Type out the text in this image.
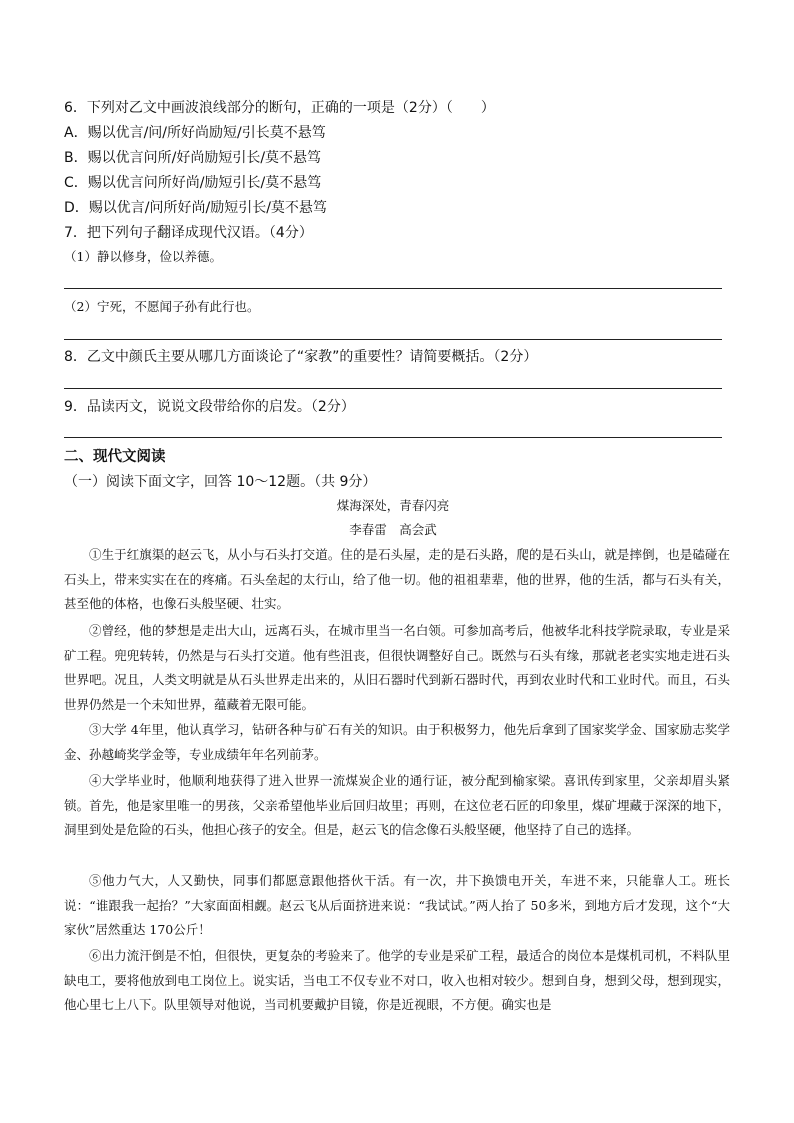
6．下列对乙文中画波浪线部分的断句，正确的一项是（2分）（　　）
A．赐以优言/问/所好尚励短/引长莫不悬笃
B．赐以优言问所/好尚励短引长/莫不悬笃
C．赐以优言问所好尚/励短引长/莫不悬笃
D．赐以优言/问所好尚/励短引长/莫不悬笃
7．把下列句子翻译成现代汉语。（4分）
（1）静以修身，俭以养德。
（2）宁死，不愿闻子孙有此行也。
8．乙文中颜氏主要从哪几方面谈论了“家教”的重要性？请简要概括。（2分）
9．品读丙文，说说文段带给你的启发。（2分）
二、现代文阅读
（一）阅读下面文字，回答 10～12题。（共 9分）
煤海深处，青春闪亮
李春雷　高会武

①生于红旗渠的赵云飞，从小与石头打交道。住的是石头屋，走的是石头路，爬的是石头山，就是摔倒，也是磕碰在石头上，带来实实在在的疼痛。石头垒起的太行山，给了他一切。他的祖祖辈辈，他的世界，他的生活，都与石头有关，甚至他的体格，也像石头般坚硬、壮实。

②曾经，他的梦想是走出大山，远离石头，在城市里当一名白领。可参加高考后，他被华北科技学院录取，专业是采矿工程。兜兜转转，仍然是与石头打交道。他有些沮丧，但很快调整好自己。既然与石头有缘，那就老老实实地走进石头世界吧。况且，人类文明就是从石头世界走出来的，从旧石器时代到新石器时代，再到农业时代和工业时代。而且，石头世界仍然是一个未知世界，蕴藏着无限可能。

③大学 4年里，他认真学习，钻研各种与矿石有关的知识。由于积极努力，他先后拿到了国家奖学金、国家励志奖学金、孙越崎奖学金等，专业成绩年年名列前茅。

④大学毕业时，他顺利地获得了进入世界一流煤炭企业的通行证，被分配到榆家梁。喜讯传到家里，父亲却眉头紧锁。首先，他是家里唯一的男孩，父亲希望他毕业后回归故里；再则，在这位老石匠的印象里，煤矿埋藏于深深的地下，洞里到处是危险的石头，他担心孩子的安全。但是，赵云飞的信念像石头般坚硬，他坚持了自己的选择。

⑤他力气大，人又勤快，同事们都愿意跟他搭伙干活。有一次，井下换馈电开关，车进不来，只能靠人工。班长说：“谁跟我一起抬？”大家面面相觑。赵云飞从后面挤进来说：“我试试。”两人抬了 50多米，到地方后才发现，这个“大家伙”居然重达 170公斤！

⑥出力流汗倒是不怕，但很快，更复杂的考验来了。他学的专业是采矿工程，最适合的岗位本是煤机司机，不料队里缺电工，要将他放到电工岗位上。说实话，当电工不仅专业不对口，收入也相对较少。想到自身，想到父母，想到现实，他心里七上八下。队里领导对他说，当司机要戴护目镜，你是近视眼，不方便。确实也是
